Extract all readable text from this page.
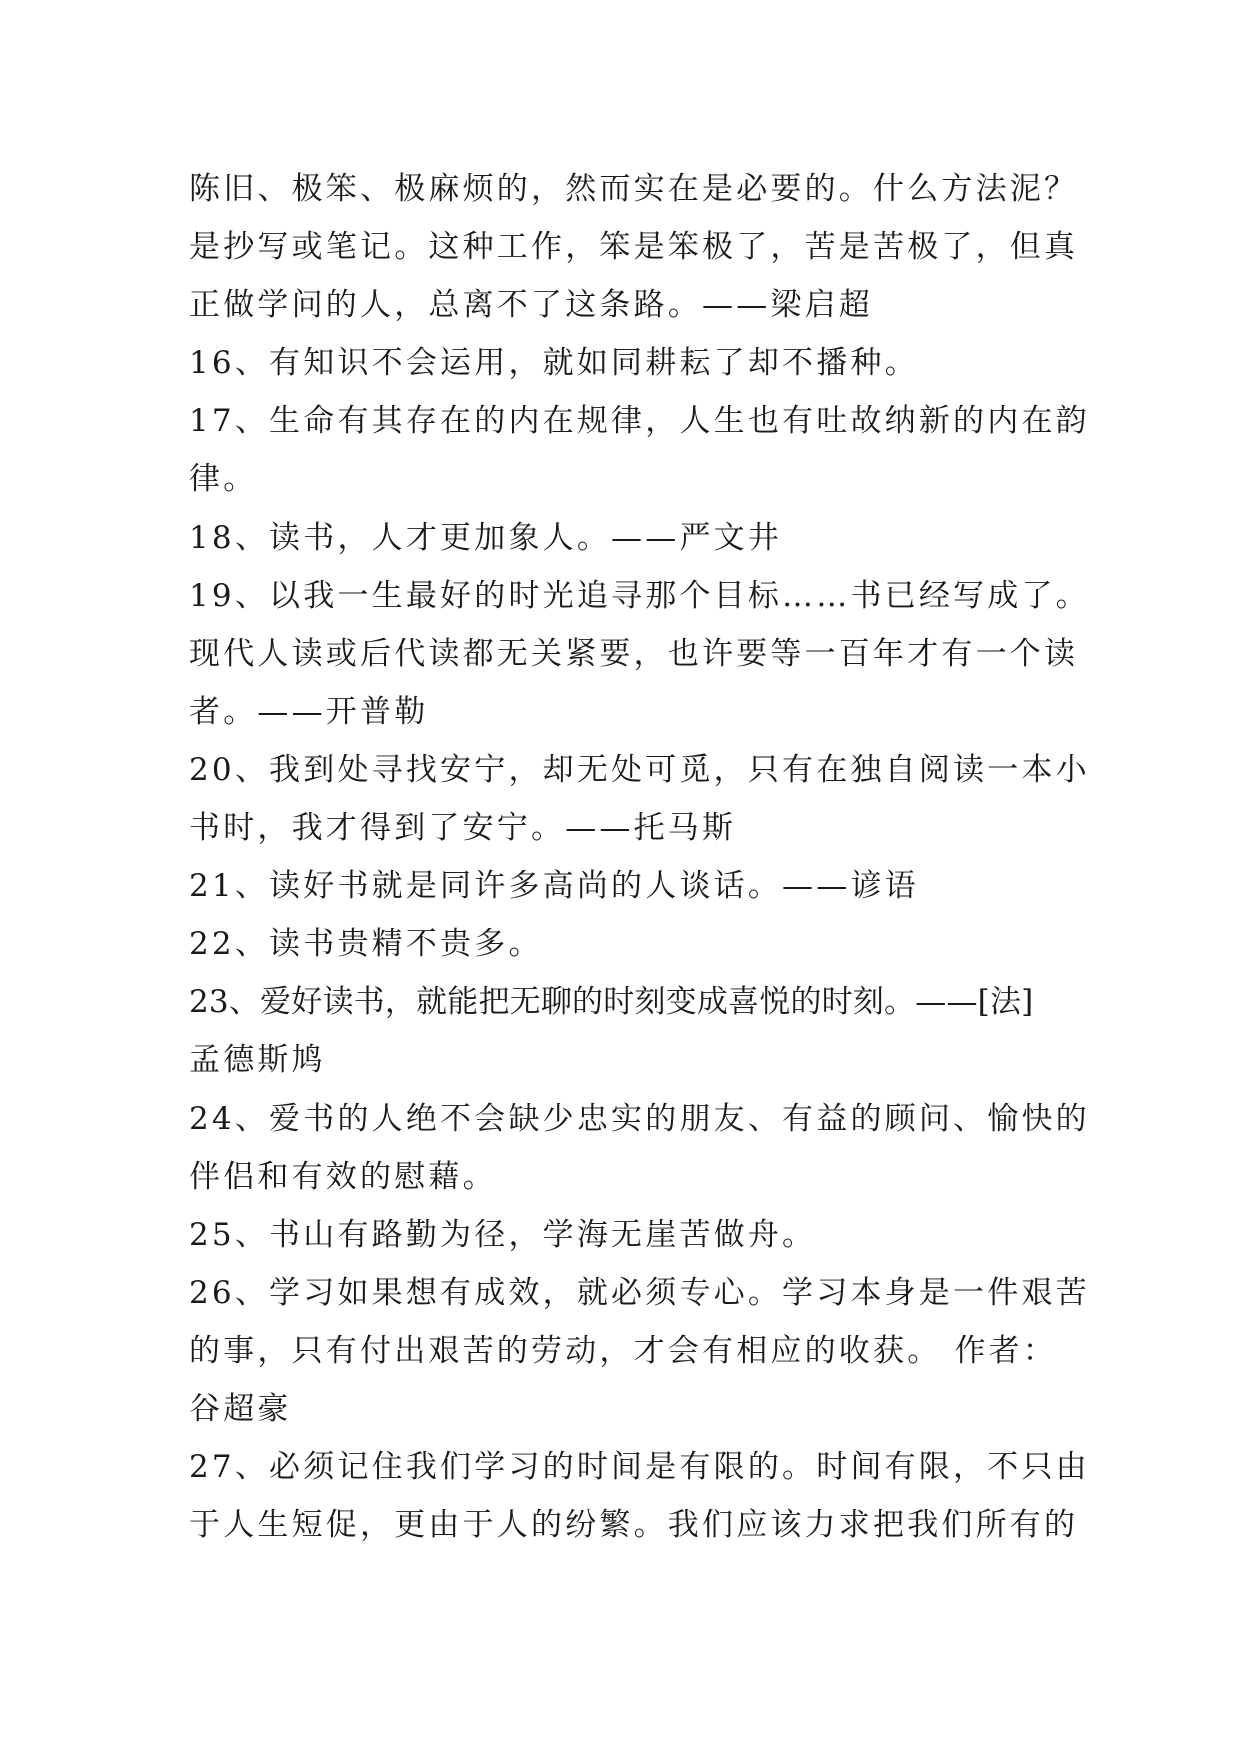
陈旧、极笨、极麻烦的，然而实在是必要的。什么方法泥？
是抄写或笔记。这种工作，笨是笨极了，苦是苦极了，但真
正做学问的人，总离不了这条路。——梁启超
16、有知识不会运用，就如同耕耘了却不播种。
17、生命有其存在的内在规律，人生也有吐故纳新的内在韵
律。
18、读书，人才更加象人。——严文井
19、以我一生最好的时光追寻那个目标……书已经写成了。
现代人读或后代读都无关紧要，也许要等一百年才有一个读
者。——开普勒
20、我到处寻找安宁，却无处可觅，只有在独自阅读一本小
书时，我才得到了安宁。——托马斯
21、读好书就是同许多高尚的人谈话。——谚语
22、读书贵精不贵多。
23、爱好读书，就能把无聊的时刻变成喜悦的时刻。——[法]
孟德斯鸠
24、爱书的人绝不会缺少忠实的朋友、有益的顾问、愉快的
伴侣和有效的慰藉。
25、书山有路勤为径，学海无崖苦做舟。
26、学习如果想有成效，就必须专心。学习本身是一件艰苦
的事，只有付出艰苦的劳动，才会有相应的收获。 作者：
谷超豪
27、必须记住我们学习的时间是有限的。时间有限，不只由
于人生短促，更由于人的纷繁。我们应该力求把我们所有的
